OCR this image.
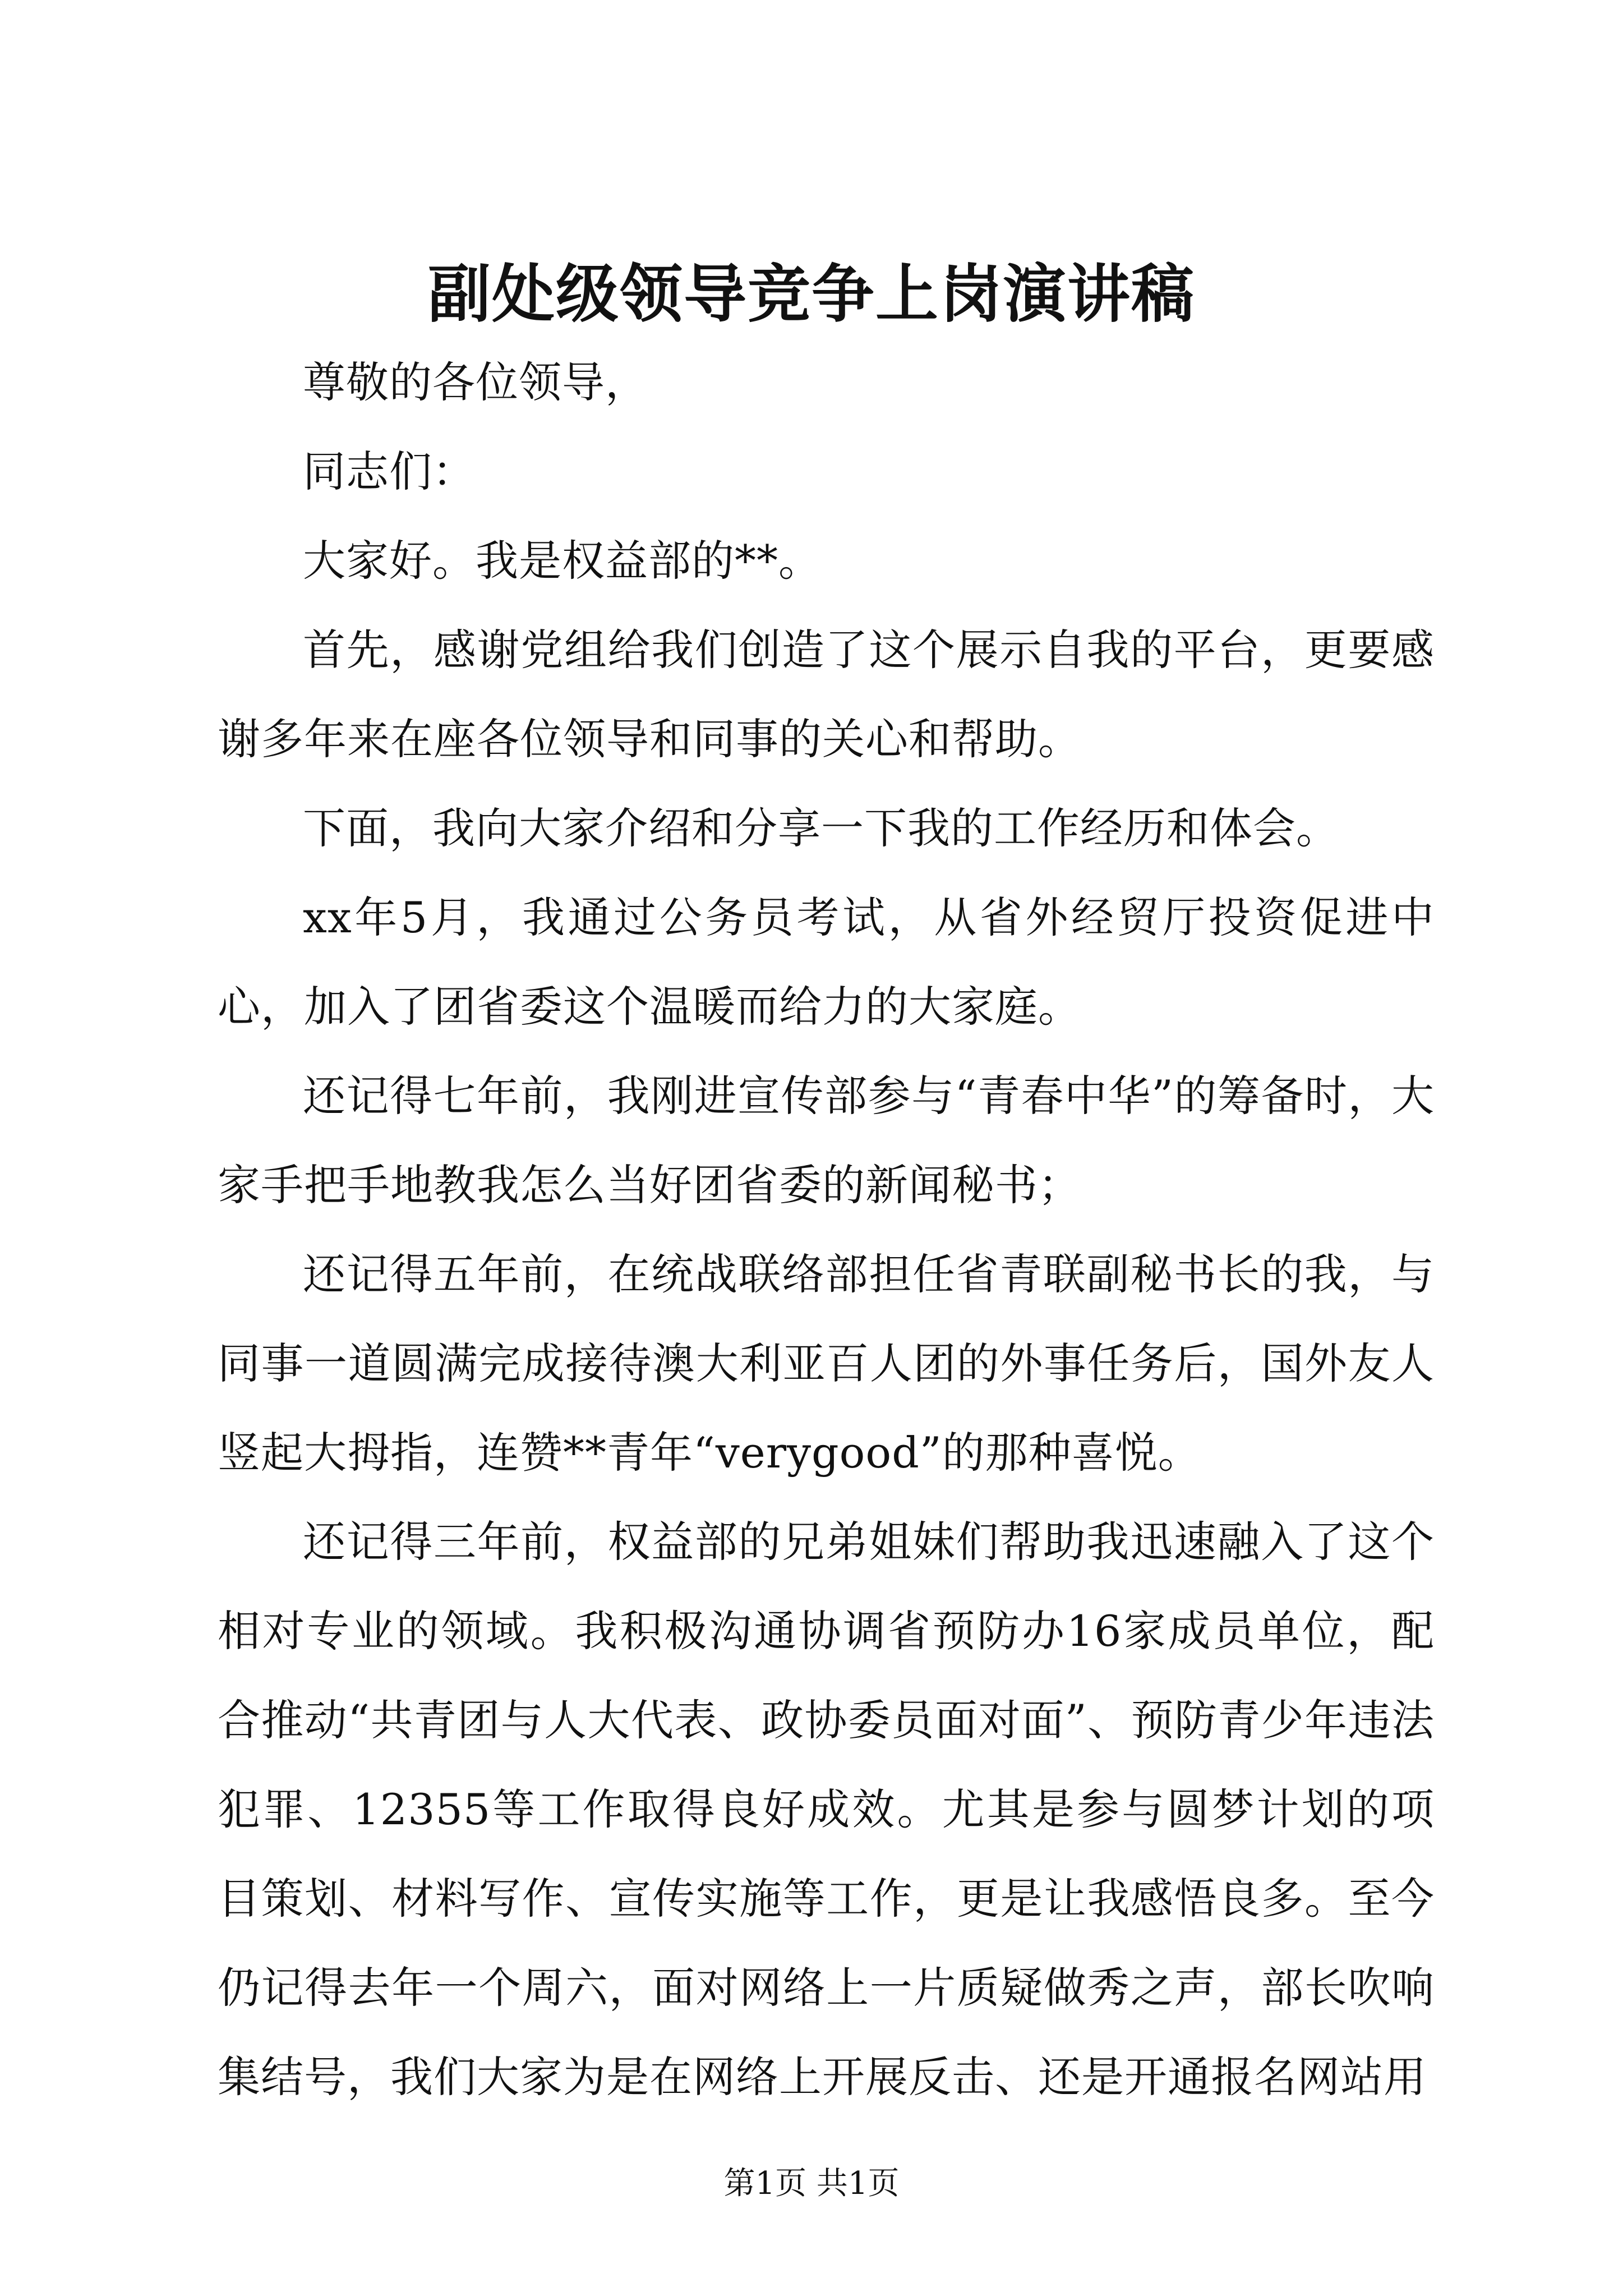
副处级领导竞争上岗演讲稿

尊敬的各位领导，

同志们：

大家好。我是权益部的**。

首先，感谢党组给我们创造了这个展示自我的平台，更要感谢多年来在座各位领导和同事的关心和帮助。

下面，我向大家介绍和分享一下我的工作经历和体会。

xx年5月，我通过公务员考试，从省外经贸厅投资促进中心，加入了团省委这个温暖而给力的大家庭。

还记得七年前，我刚进宣传部参与“青春中华”的筹备时，大家手把手地教我怎么当好团省委的新闻秘书；

还记得五年前，在统战联络部担任省青联副秘书长的我，与同事一道圆满完成接待澳大利亚百人团的外事任务后，国外友人竖起大拇指，连赞**青年“verygood”的那种喜悦。

还记得三年前，权益部的兄弟姐妹们帮助我迅速融入了这个相对专业的领域。我积极沟通协调省预防办16家成员单位，配合推动“共青团与人大代表、政协委员面对面”、预防青少年违法犯罪、12355等工作取得良好成效。尤其是参与圆梦计划的项目策划、材料写作、宣传实施等工作，更是让我感悟良多。至今仍记得去年一个周六，面对网络上一片质疑做秀之声，部长吹响集结号，我们大家为是在网络上开展反击、还是开通报名网站用

第1页 共1页
